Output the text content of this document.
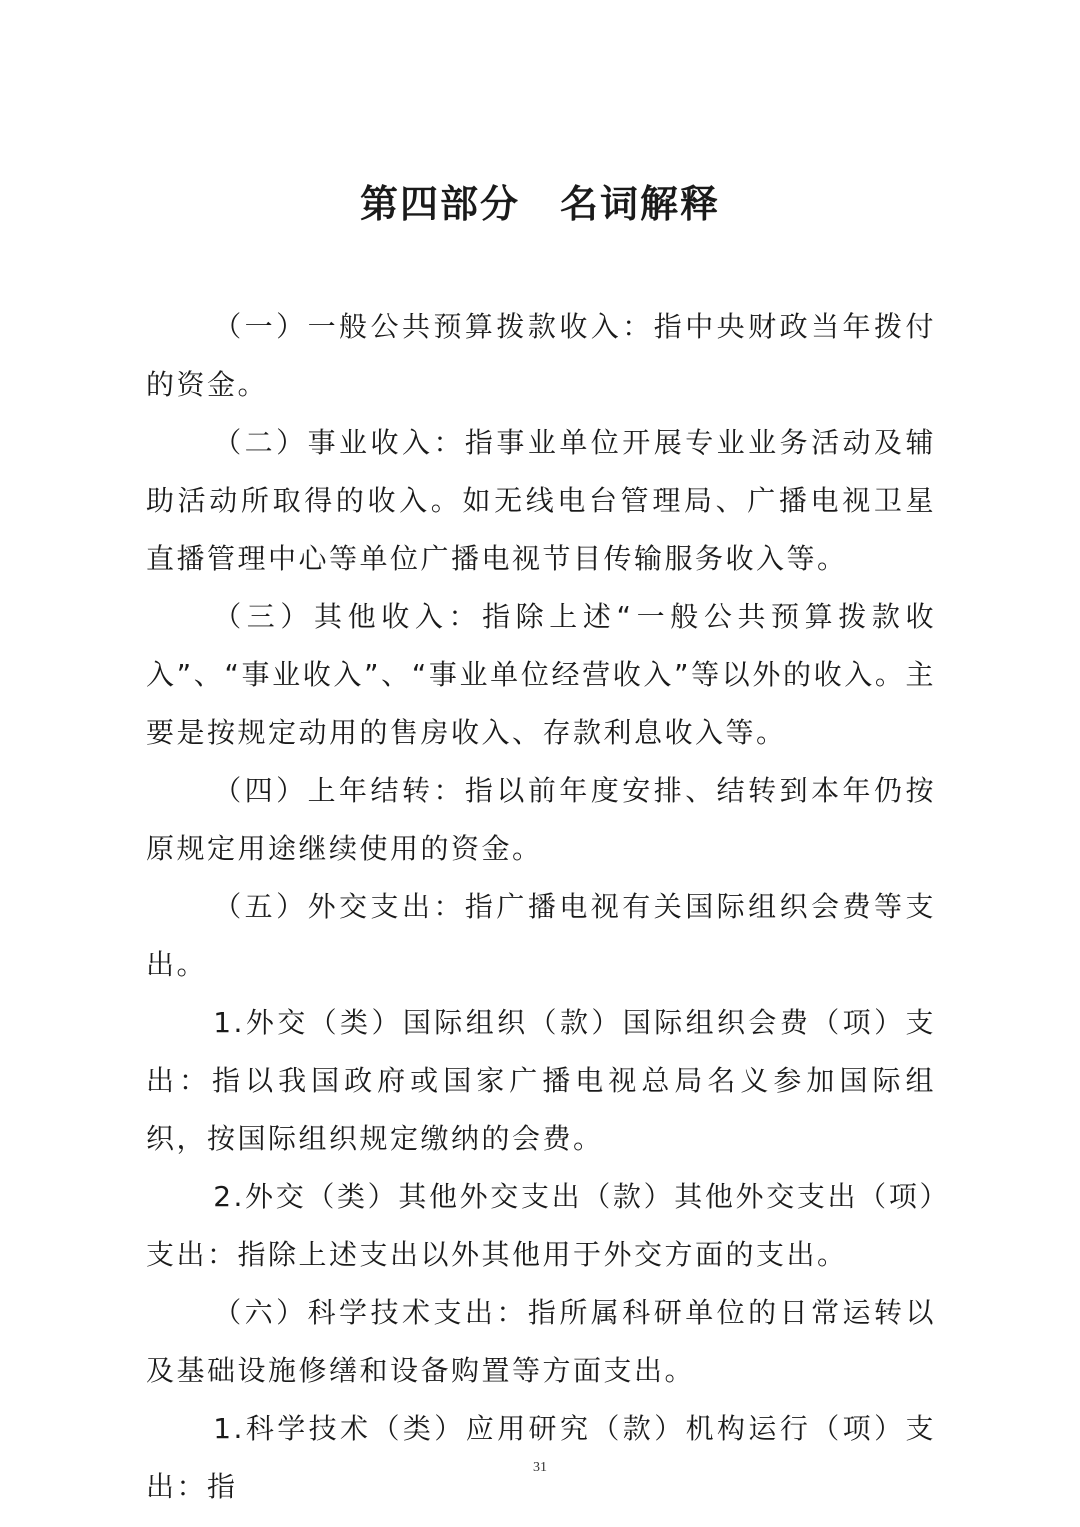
第四部分　名词解释

（一）一般公共预算拨款收入：指中央财政当年拨付的资金。

（二）事业收入：指事业单位开展专业业务活动及辅助活动所取得的收入。如无线电台管理局、广播电视卫星直播管理中心等单位广播电视节目传输服务收入等。

（三）其他收入：指除上述“一般公共预算拨款收入”、“事业收入”、“事业单位经营收入”等以外的收入。主要是按规定动用的售房收入、存款利息收入等。

（四）上年结转：指以前年度安排、结转到本年仍按原规定用途继续使用的资金。

（五）外交支出：指广播电视有关国际组织会费等支出。

1.外交（类）国际组织（款）国际组织会费（项）支出：指以我国政府或国家广播电视总局名义参加国际组织，按国际组织规定缴纳的会费。

2.外交（类）其他外交支出（款）其他外交支出（项）支出：指除上述支出以外其他用于外交方面的支出。

（六）科学技术支出：指所属科研单位的日常运转以及基础设施修缮和设备购置等方面支出。

1.科学技术（类）应用研究（款）机构运行（项）支出：指

31
